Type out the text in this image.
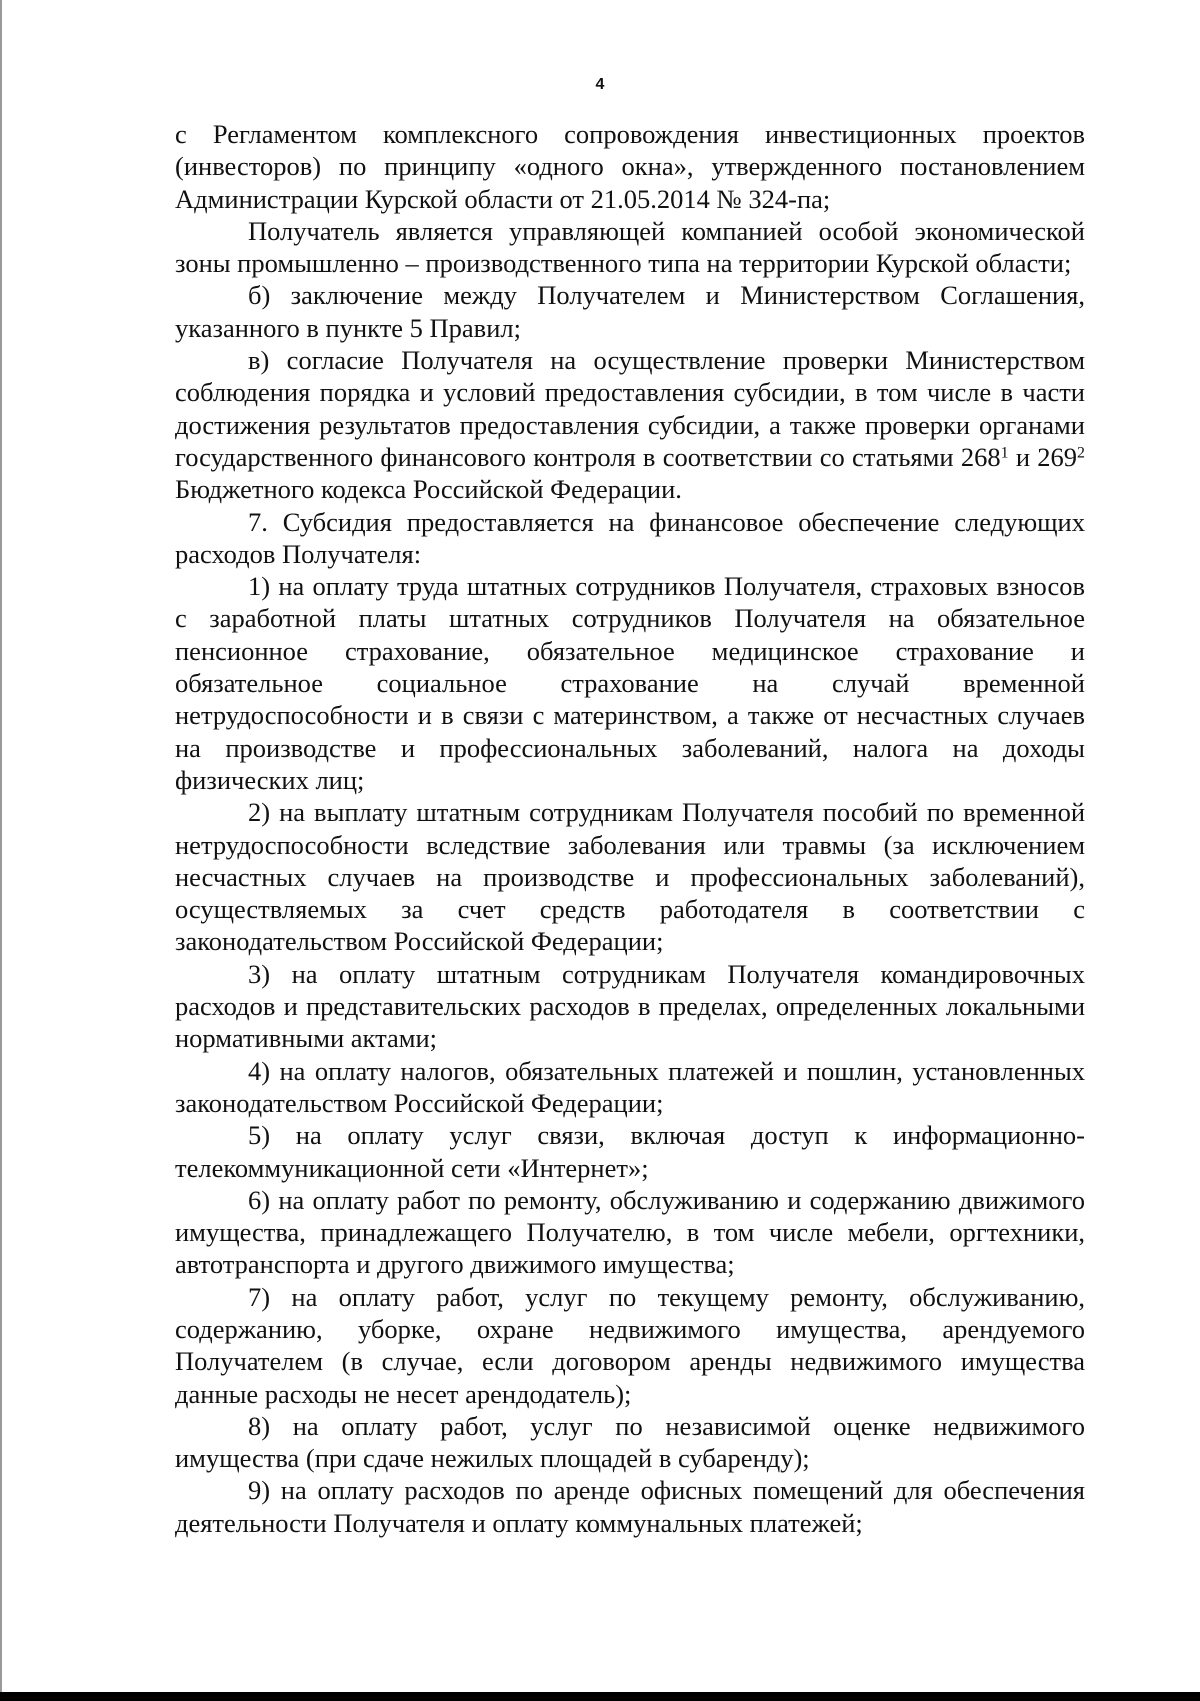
4

с Регламентом комплексного сопровождения инвестиционных проектов (инвесторов) по принципу «одного окна», утвержденного постановлением Администрации Курской области от 21.05.2014 № 324-па;

Получатель является управляющей компанией особой экономической зоны промышленно – производственного типа на территории Курской области;

б) заключение между Получателем и Министерством Соглашения, указанного в пункте 5 Правил;

в) согласие Получателя на осуществление проверки Министерством соблюдения порядка и условий предоставления субсидии, в том числе в части достижения результатов предоставления субсидии, а также проверки органами государственного финансового контроля в соответствии со статьями $268^1$ и $269^2$ Бюджетного кодекса Российской Федерации.

7. Субсидия предоставляется на финансовое обеспечение следующих расходов Получателя:

1) на оплату труда штатных сотрудников Получателя, страховых взносов с заработной платы штатных сотрудников Получателя на обязательное пенсионное страхование, обязательное медицинское страхование и обязательное социальное страхование на случай временной нетрудоспособности и в связи с материнством, а также от несчастных случаев на производстве и профессиональных заболеваний, налога на доходы физических лиц;

2) на выплату штатным сотрудникам Получателя пособий по временной нетрудоспособности вследствие заболевания или травмы (за исключением несчастных случаев на производстве и профессиональных заболеваний), осуществляемых за счет средств работодателя в соответствии с законодательством Российской Федерации;

3) на оплату штатным сотрудникам Получателя командировочных расходов и представительских расходов в пределах, определенных локальными нормативными актами;

4) на оплату налогов, обязательных платежей и пошлин, установленных законодательством Российской Федерации;

5) на оплату услуг связи, включая доступ к информационно-телекоммуникационной сети «Интернет»;

6) на оплату работ по ремонту, обслуживанию и содержанию движимого имущества, принадлежащего Получателю, в том числе мебели, оргтехники, автотранспорта и другого движимого имущества;

7) на оплату работ, услуг по текущему ремонту, обслуживанию, содержанию, уборке, охране недвижимого имущества, арендуемого Получателем (в случае, если договором аренды недвижимого имущества данные расходы не несет арендодатель);

8) на оплату работ, услуг по независимой оценке недвижимого имущества (при сдаче нежилых площадей в субаренду);

9) на оплату расходов по аренде офисных помещений для обеспечения деятельности Получателя и оплату коммунальных платежей;
